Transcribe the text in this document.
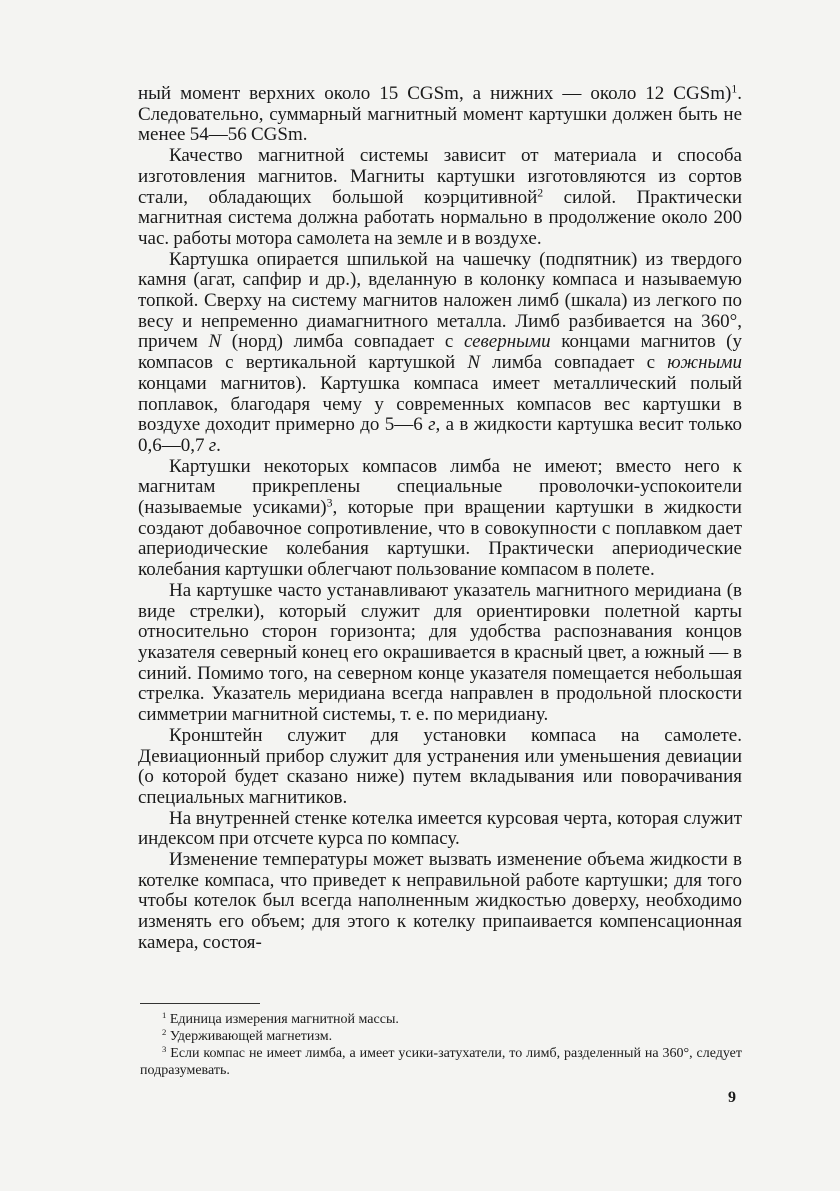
ный момент верхних около 15 CGSm, а нижних — около 12 CGSm)$^1$. Следовательно, суммарный магнитный момент картушки должен быть не менее 54—56 CGSm.

Качество магнитной системы зависит от материала и способа изготовления магнитов. Магниты картушки изготовляются из сортов стали, обладающих большой коэрцитивной$^2$ силой. Практически магнитная система должна работать нормально в продолжение около 200 час. работы мотора самолета на земле и в воздухе.

Картушка опирается шпилькой на чашечку (подпятник) из твердого камня (агат, сапфир и др.), вделанную в колонку компаса и называемую топкой. Сверху на систему магнитов наложен лимб (шкала) из легкого по весу и непременно диамагнитного металла. Лимб разбивается на 360°, причем N (норд) лимба совпадает с северными концами магнитов (у компасов с вертикальной картушкой N лимба совпадает с южными концами магнитов). Картушка компаса имеет металлический полый поплавок, благодаря чему у современных компасов вес картушки в воздухе доходит примерно до 5—6 г, а в жидкости картушка весит только 0,6—0,7 г.

Картушки некоторых компасов лимба не имеют; вместо него к магнитам прикреплены специальные проволочки-успокоители (называемые усиками)$^3$, которые при вращении картушки в жидкости создают добавочное сопротивление, что в совокупности с поплавком дает апериодические колебания картушки. Практически апериодические колебания картушки облегчают пользование компасом в полете.

На картушке часто устанавливают указатель магнитного меридиана (в виде стрелки), который служит для ориентировки полетной карты относительно сторон горизонта; для удобства распознавания концов указателя северный конец его окрашивается в красный цвет, а южный — в синий. Помимо того, на северном конце указателя помещается небольшая стрелка. Указатель меридиана всегда направлен в продольной плоскости симметрии магнитной системы, т. е. по меридиану.

Кронштейн служит для установки компаса на самолете. Девиационный прибор служит для устранения или уменьшения девиации (о которой будет сказано ниже) путем вкладывания или поворачивания специальных магнитиков.

На внутренней стенке котелка имеется курсовая черта, которая служит индексом при отсчете курса по компасу.

Изменение температуры может вызвать изменение объема жидкости в котелке компаса, что приведет к неправильной работе картушки; для того чтобы котелок был всегда наполненным жидкостью доверху, необходимо изменять его объем; для этого к котелку припаивается компенсационная камера, состоя-

$^1$ Единица измерения магнитной массы.

$^2$ Удерживающей магнетизм.

$^3$ Если компас не имеет лимба, а имеет усики-затухатели, то лимб, разделенный на 360°, следует подразумевать.

9
